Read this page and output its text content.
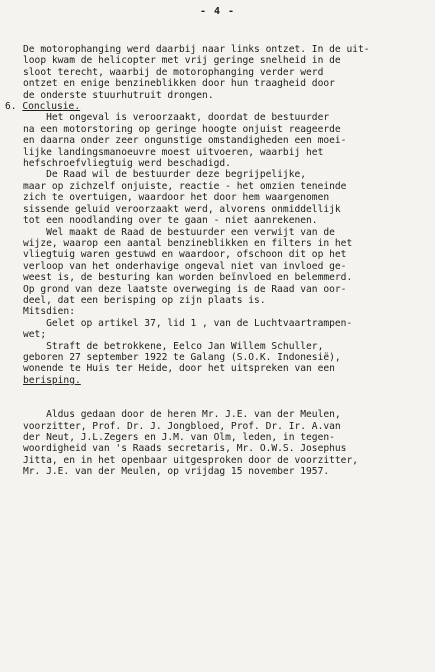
- 4 -
De motorophanging werd daarbij naar links ontzet. In de uit-
loop kwam de helicopter met vrij geringe snelheid in de
sloot terecht, waarbij de motorophanging verder werd
ontzet en enige benzineblikken door hun traagheid door
de onderste stuurhutruit drongen.
6. Conclusie.
Het ongeval is veroorzaakt, doordat de bestuurder
na een motorstoring op geringe hoogte onjuist reageerde
en daarna onder zeer ongunstige omstandigheden een moei-
lijke landingsmanoeuvre moest uitvoeren, waarbij het
hefschroefvliegtuig werd beschadigd.
De Raad wil de bestuurder deze begrijpelijke,
maar op zichzelf onjuiste, reactie - het omzien teneinde
zich te overtuigen, waardoor het door hem waargenomen
sissende geluid veroorzaakt werd, alvorens onmiddellijk
tot een noodlanding over te gaan - niet aanrekenen.
Wel maakt de Raad de bestuurder een verwijt van de
wijze, waarop een aantal benzineblikken en filters in het
vliegtuig waren gestuwd en waardoor, ofschoon dit op het
verloop van het onderhavige ongeval niet van invloed ge-
weest is, de besturing kan worden beïnvloed en belemmerd.
Op grond van deze laatste overweging is de Raad van oor-
deel, dat een berisping op zijn plaats is.
Mitsdien:
Gelet op artikel 37, lid 1 , van de Luchtvaartrampen-
wet;
Straft de betrokkene, Eelco Jan Willem Schuller,
geboren 27 september 1922 te Galang (S.O.K. Indonesië),
wonende te Huis ter Heide, door het uitspreken van een
berisping.
Aldus gedaan door de heren Mr. J.E. van der Meulen,
voorzitter, Prof. Dr. J. Jongbloed, Prof. Dr. Ir. A.van
der Neut, J.L.Zegers en J.M. van Olm, leden, in tegen-
woordigheid van 's Raads secretaris, Mr. O.W.S. Josephus
Jitta, en in het openbaar uitgesproken door de voorzitter,
Mr. J.E. van der Meulen, op vrijdag 15 november 1957.
